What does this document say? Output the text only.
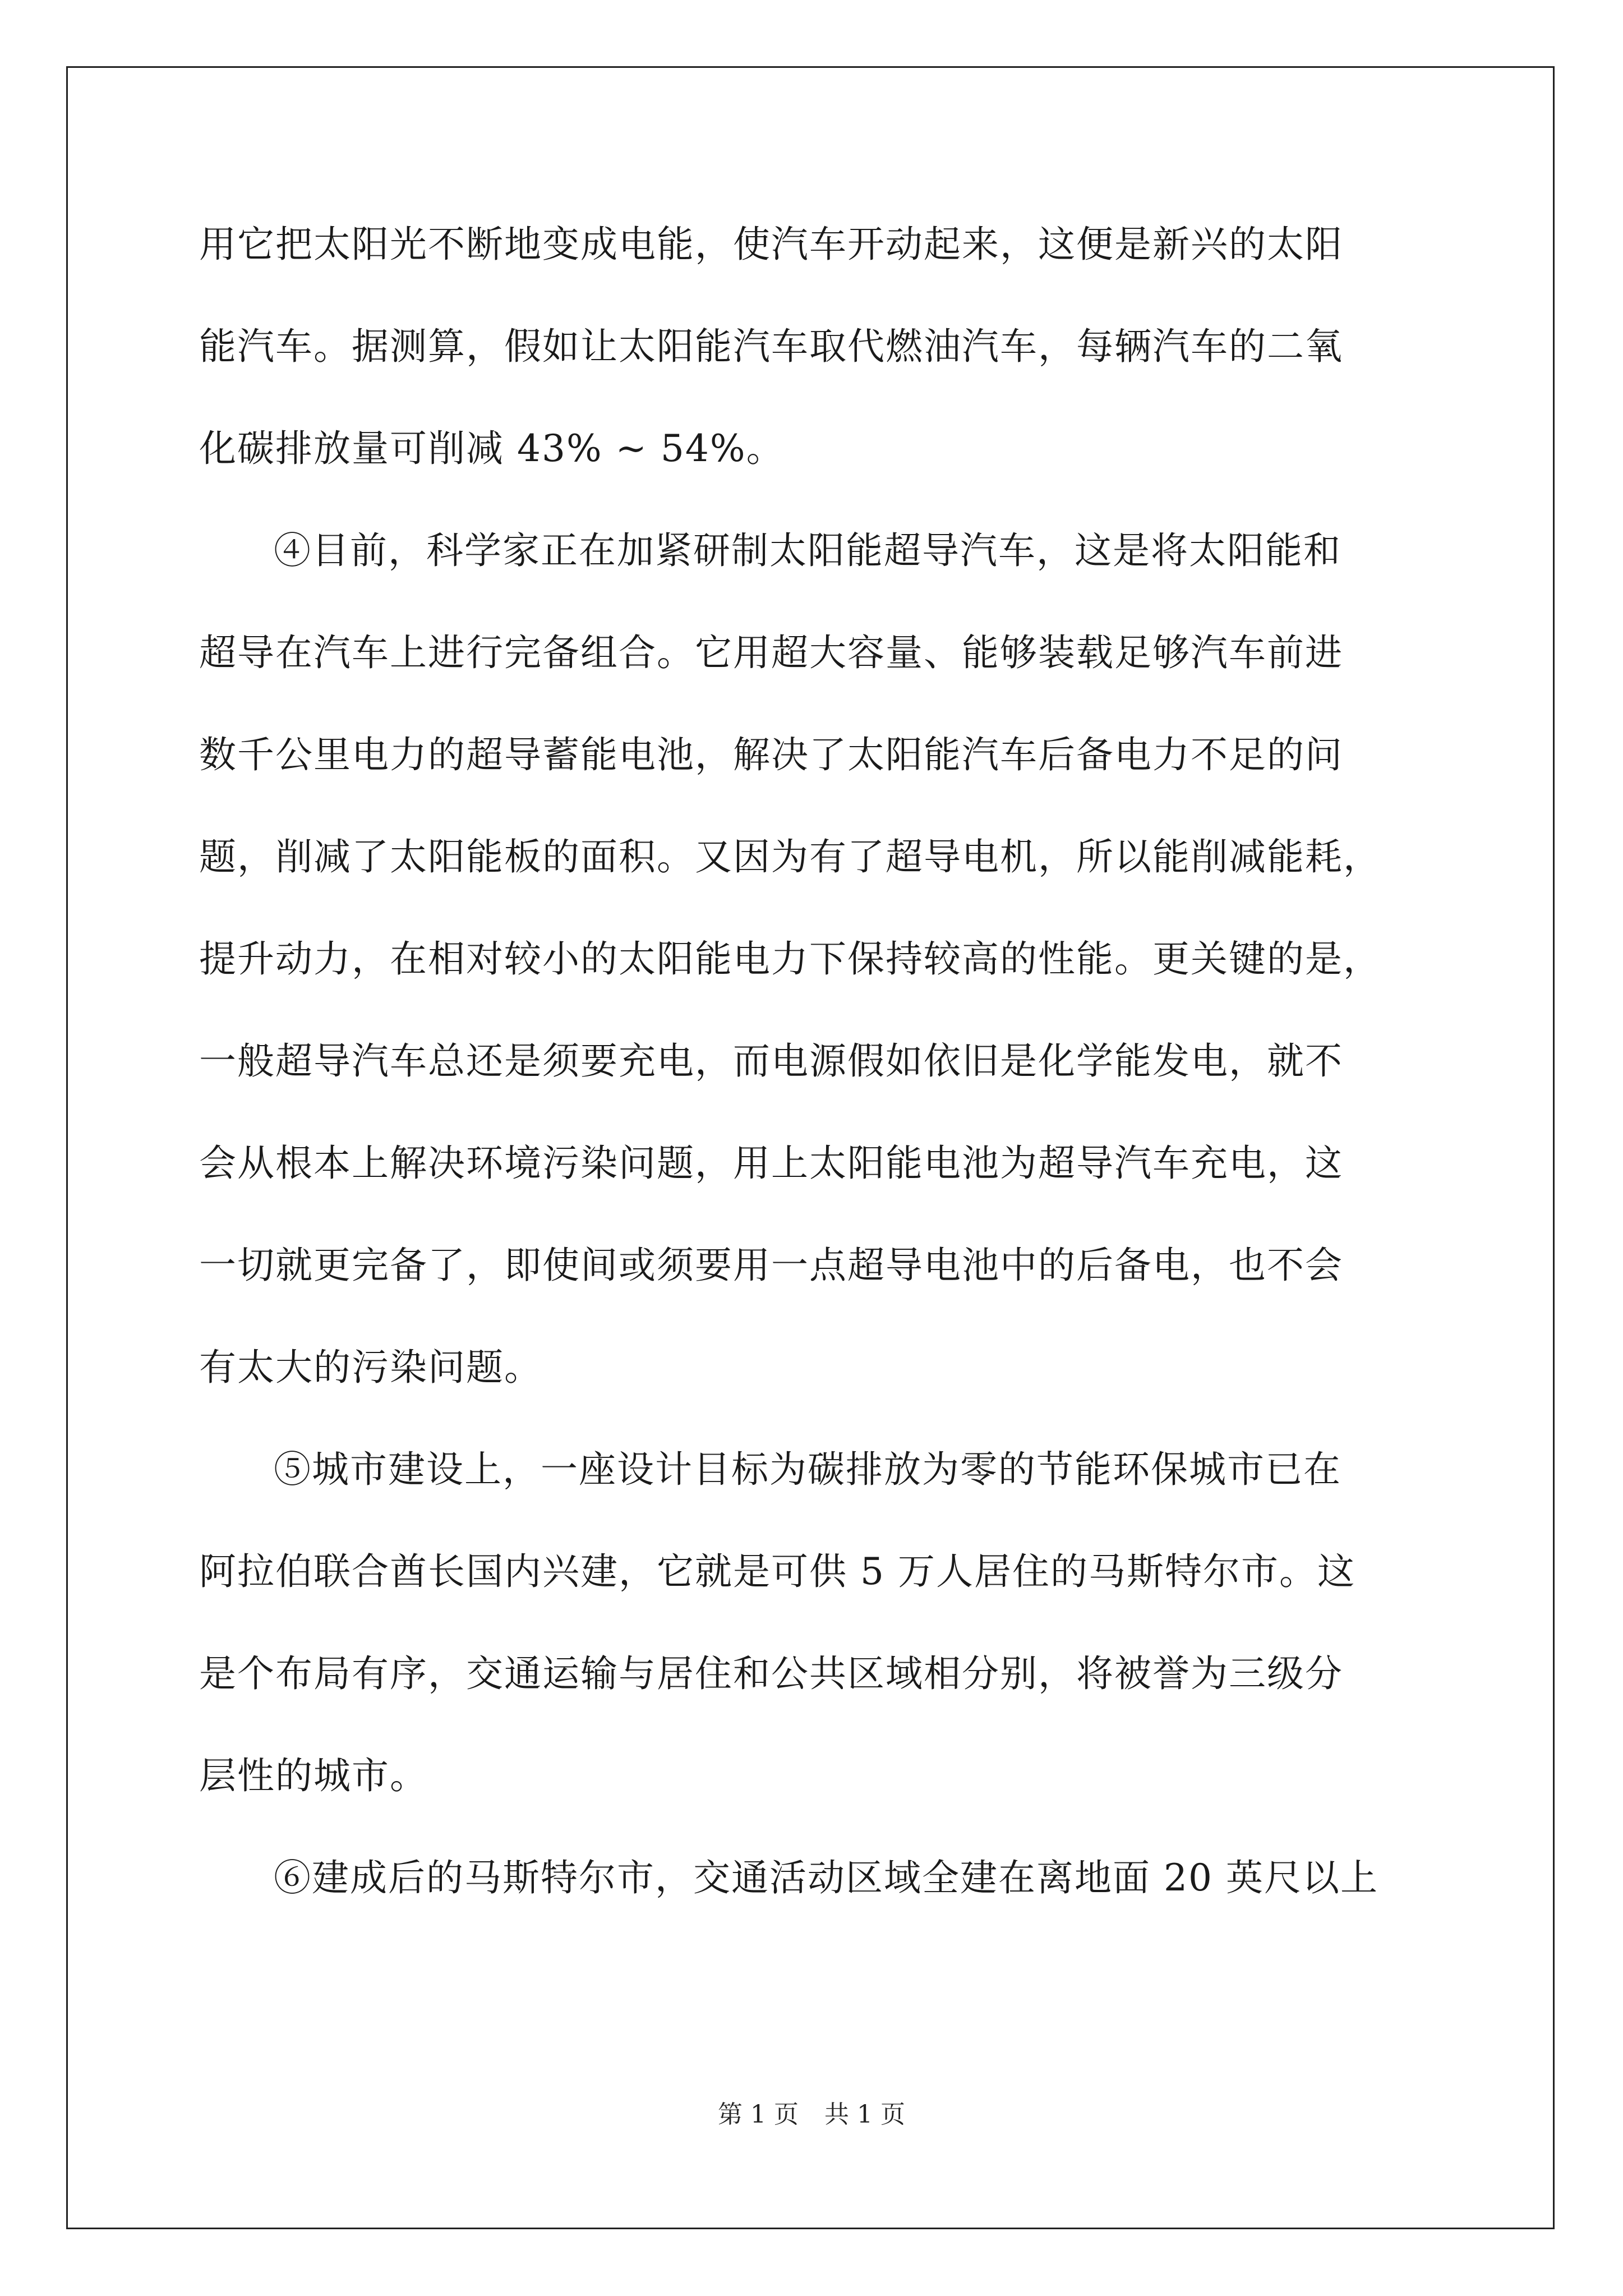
用它把太阳光不断地变成电能，使汽车开动起来，这便是新兴的太阳
能汽车。据测算，假如让太阳能汽车取代燃油汽车，每辆汽车的二氧
化碳排放量可削减 43% ~ 54%。
④目前，科学家正在加紧研制太阳能超导汽车，这是将太阳能和
超导在汽车上进行完备组合。它用超大容量、能够装载足够汽车前进
数千公里电力的超导蓄能电池，解决了太阳能汽车后备电力不足的问
题，削减了太阳能板的面积。又因为有了超导电机，所以能削减能耗，
提升动力，在相对较小的太阳能电力下保持较高的性能。更关键的是，
一般超导汽车总还是须要充电，而电源假如依旧是化学能发电，就不
会从根本上解决环境污染问题，用上太阳能电池为超导汽车充电，这
一切就更完备了，即使间或须要用一点超导电池中的后备电，也不会
有太大的污染问题。
⑤城市建设上，一座设计目标为碳排放为零的节能环保城市已在
阿拉伯联合酋长国内兴建，它就是可供 5 万人居住的马斯特尔市。这
是个布局有序，交通运输与居住和公共区域相分别，将被誉为三级分
层性的城市。
⑥建成后的马斯特尔市，交通活动区域全建在离地面 20 英尺以上
第 1 页 共 1 页
